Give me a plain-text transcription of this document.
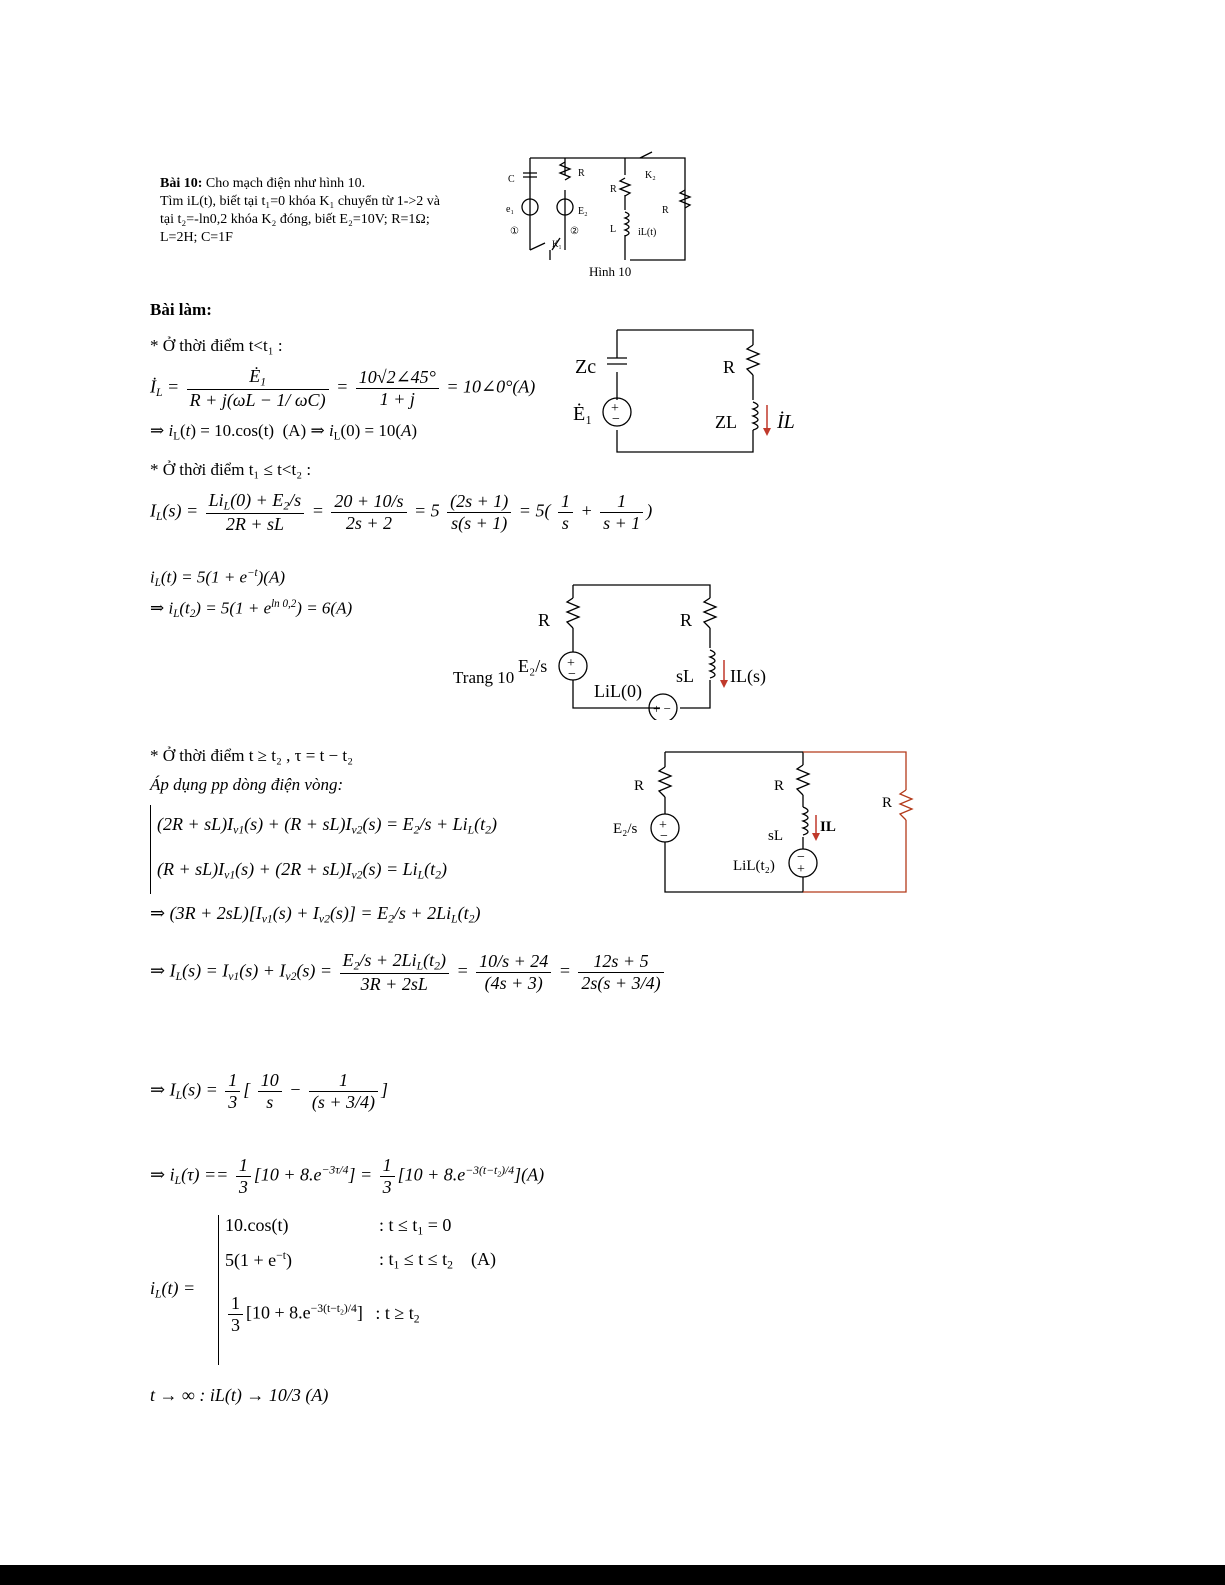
Bài 10: Cho mạch điện như hình 10.
Tìm iL(t), biết tại t₁=0 khóa K₁ chuyển từ 1->2 và
tại t₂=-ln0,2 khóa K₂ đóng, biết E₂=10V; R=1Ω;
L=2H; C=1F
C
R
R
R
K₂
e₁	E₂
L iL(t)
K₁
①	②
Hình 10
Bài làm:
* Ở thời điểm t<t₁ :
$İ_L = \frac{Ė_1}{R + j(\omega L - 1/ \omega C)} = \frac{10√2\angle 45^\circ}{1 + j}$ = 10∠0°(A)
⇒ $i_L(t) = 10.\cos(t)$  (A) ⇒ $i_L(0) = 10(A)$
+
−
Zc	R
Ė₁	ZL İL
* Ở thời điểm t₁ ≤ t<t₂ :
$I_L(s) = \frac{Li_L(0) + E_2/s}{2R + sL} = \frac{20 + 10/s}{2s + 2} = 5 \frac{(2s + 1)}{s(s + 1)} = 5( \frac{1}{s} + \frac{1}{s + 1}$ )
$i_L(t) = 5(1 + e^{-t})(A)$
⇒ $i_L(t_2) = 5(1 + e^{ln 0,2}) = 6(A)$
+
−
+ −
R	R
E₂/s	sL IL(s)
LiL(0)
Trang 10
* Ở thời điểm t ≥ t₂ , τ = t − t₂
Áp dụng pp dòng điện vòng:
$(2R + sL)I_{v1}(s) + (R + sL)I_{v2}(s) = E_2/s + Li_L(t_2)$
$(R + sL)I_{v1}(s) + (2R + sL)I_{v2}(s) = Li_L(t_2)$
⇒ $(3R + 2sL)[I_{v1}(s) + I_{v2}(s)] = E_2/s + 2Li_L(t_2)$
⇒ $I_L(s) = I_{v1}(s) + I_{v2}(s) = \frac{E_2/s + 2Li_L(t_2)}{3R + 2sL} = \frac{10/s + 24}{(4s + 3)} = \frac{12s + 5}{2s(s + 3/4)}$
⇒ $I_L(s) = \frac{1}{3}$ [ $\frac{10}{s} - \frac{1}{(s + 3/4)}$ ]
⇒ $i_L(\tau) == \frac{1}{3} [10 + 8.e^{-3\tau/4}] = \frac{1}{3} [10 + 8.e^{-3(t-t_2)/4}](A)$
+
−
−
+
R	R
R
E₂/s	sL
IL
LiL(t₂)
$i_L(t)$ =
10.cos(t)	: $t \le t_1 = 0$
$5(1 + e^{-t})$	: $t_1 \le t \le t_2$    (A)
$\frac{1}{3} [10 + 8.e^{-3(t-t_2)/4}]$ : $t \ge t_2$
t → ∞ : iL(t) → 10/3 (A)
